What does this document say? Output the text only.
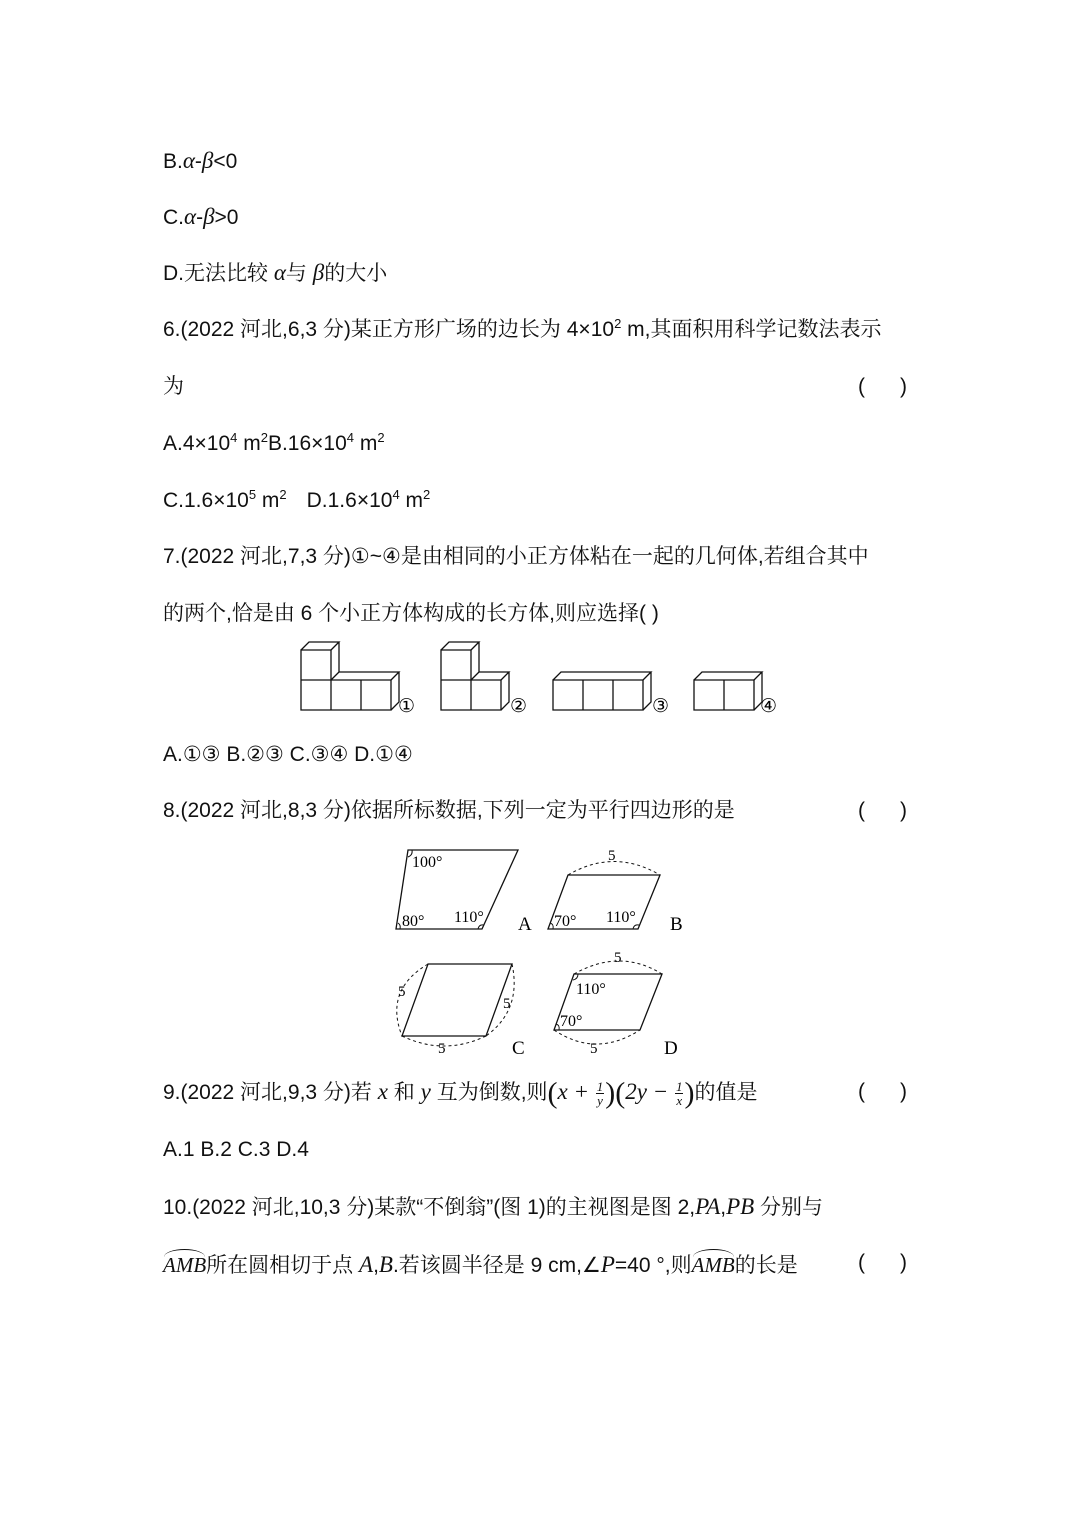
B.α-β<0
C.α-β>0
D.无法比较 α与 β的大小
6.(2022 河北,6,3 分)某正方形广场的边长为 $4\times 10^2$ m,其面积用科学记数法表示
为	(      )
$A.4\times 10^4$ $m^2B.16\times 10^4$ $m^2$
$C.1.6\times 10^5$ $m^2$ $D.1.6\times 10^4$ $m^2$
7.(2022 河北,7,3 分)①~④是由相同的小正方体粘在一起的几何体,若组合其中
的两个,恰是由 6 个小正方体构成的长方体,则应选择( )
①	②	③	④
A.①③ B.②③ C.③④ D.①④
8.(2022 河北,8,3 分)依据所标数据,下列一定为平行四边形的是	(      )
100°
80° 110° A
5
70° 110° B
5
5
5	C
5
5
110°
70°
D
9.(2022 河北,9,3 分)若 x 和 y 互为倒数,则$(x + \frac{1}{y} )(2y - \frac{1}{x}$ )的值是	(      )
A.1 B.2 C.3 D.4
10.(2022 河北,10,3 分)某款“不倒翁”(图 1)的主视图是图 2,PA,PB 分别与
AMB所在圆相切于点 A,B.若该圆半径是 9 cm,∠P=40 °,则AMB的长是	(      )
